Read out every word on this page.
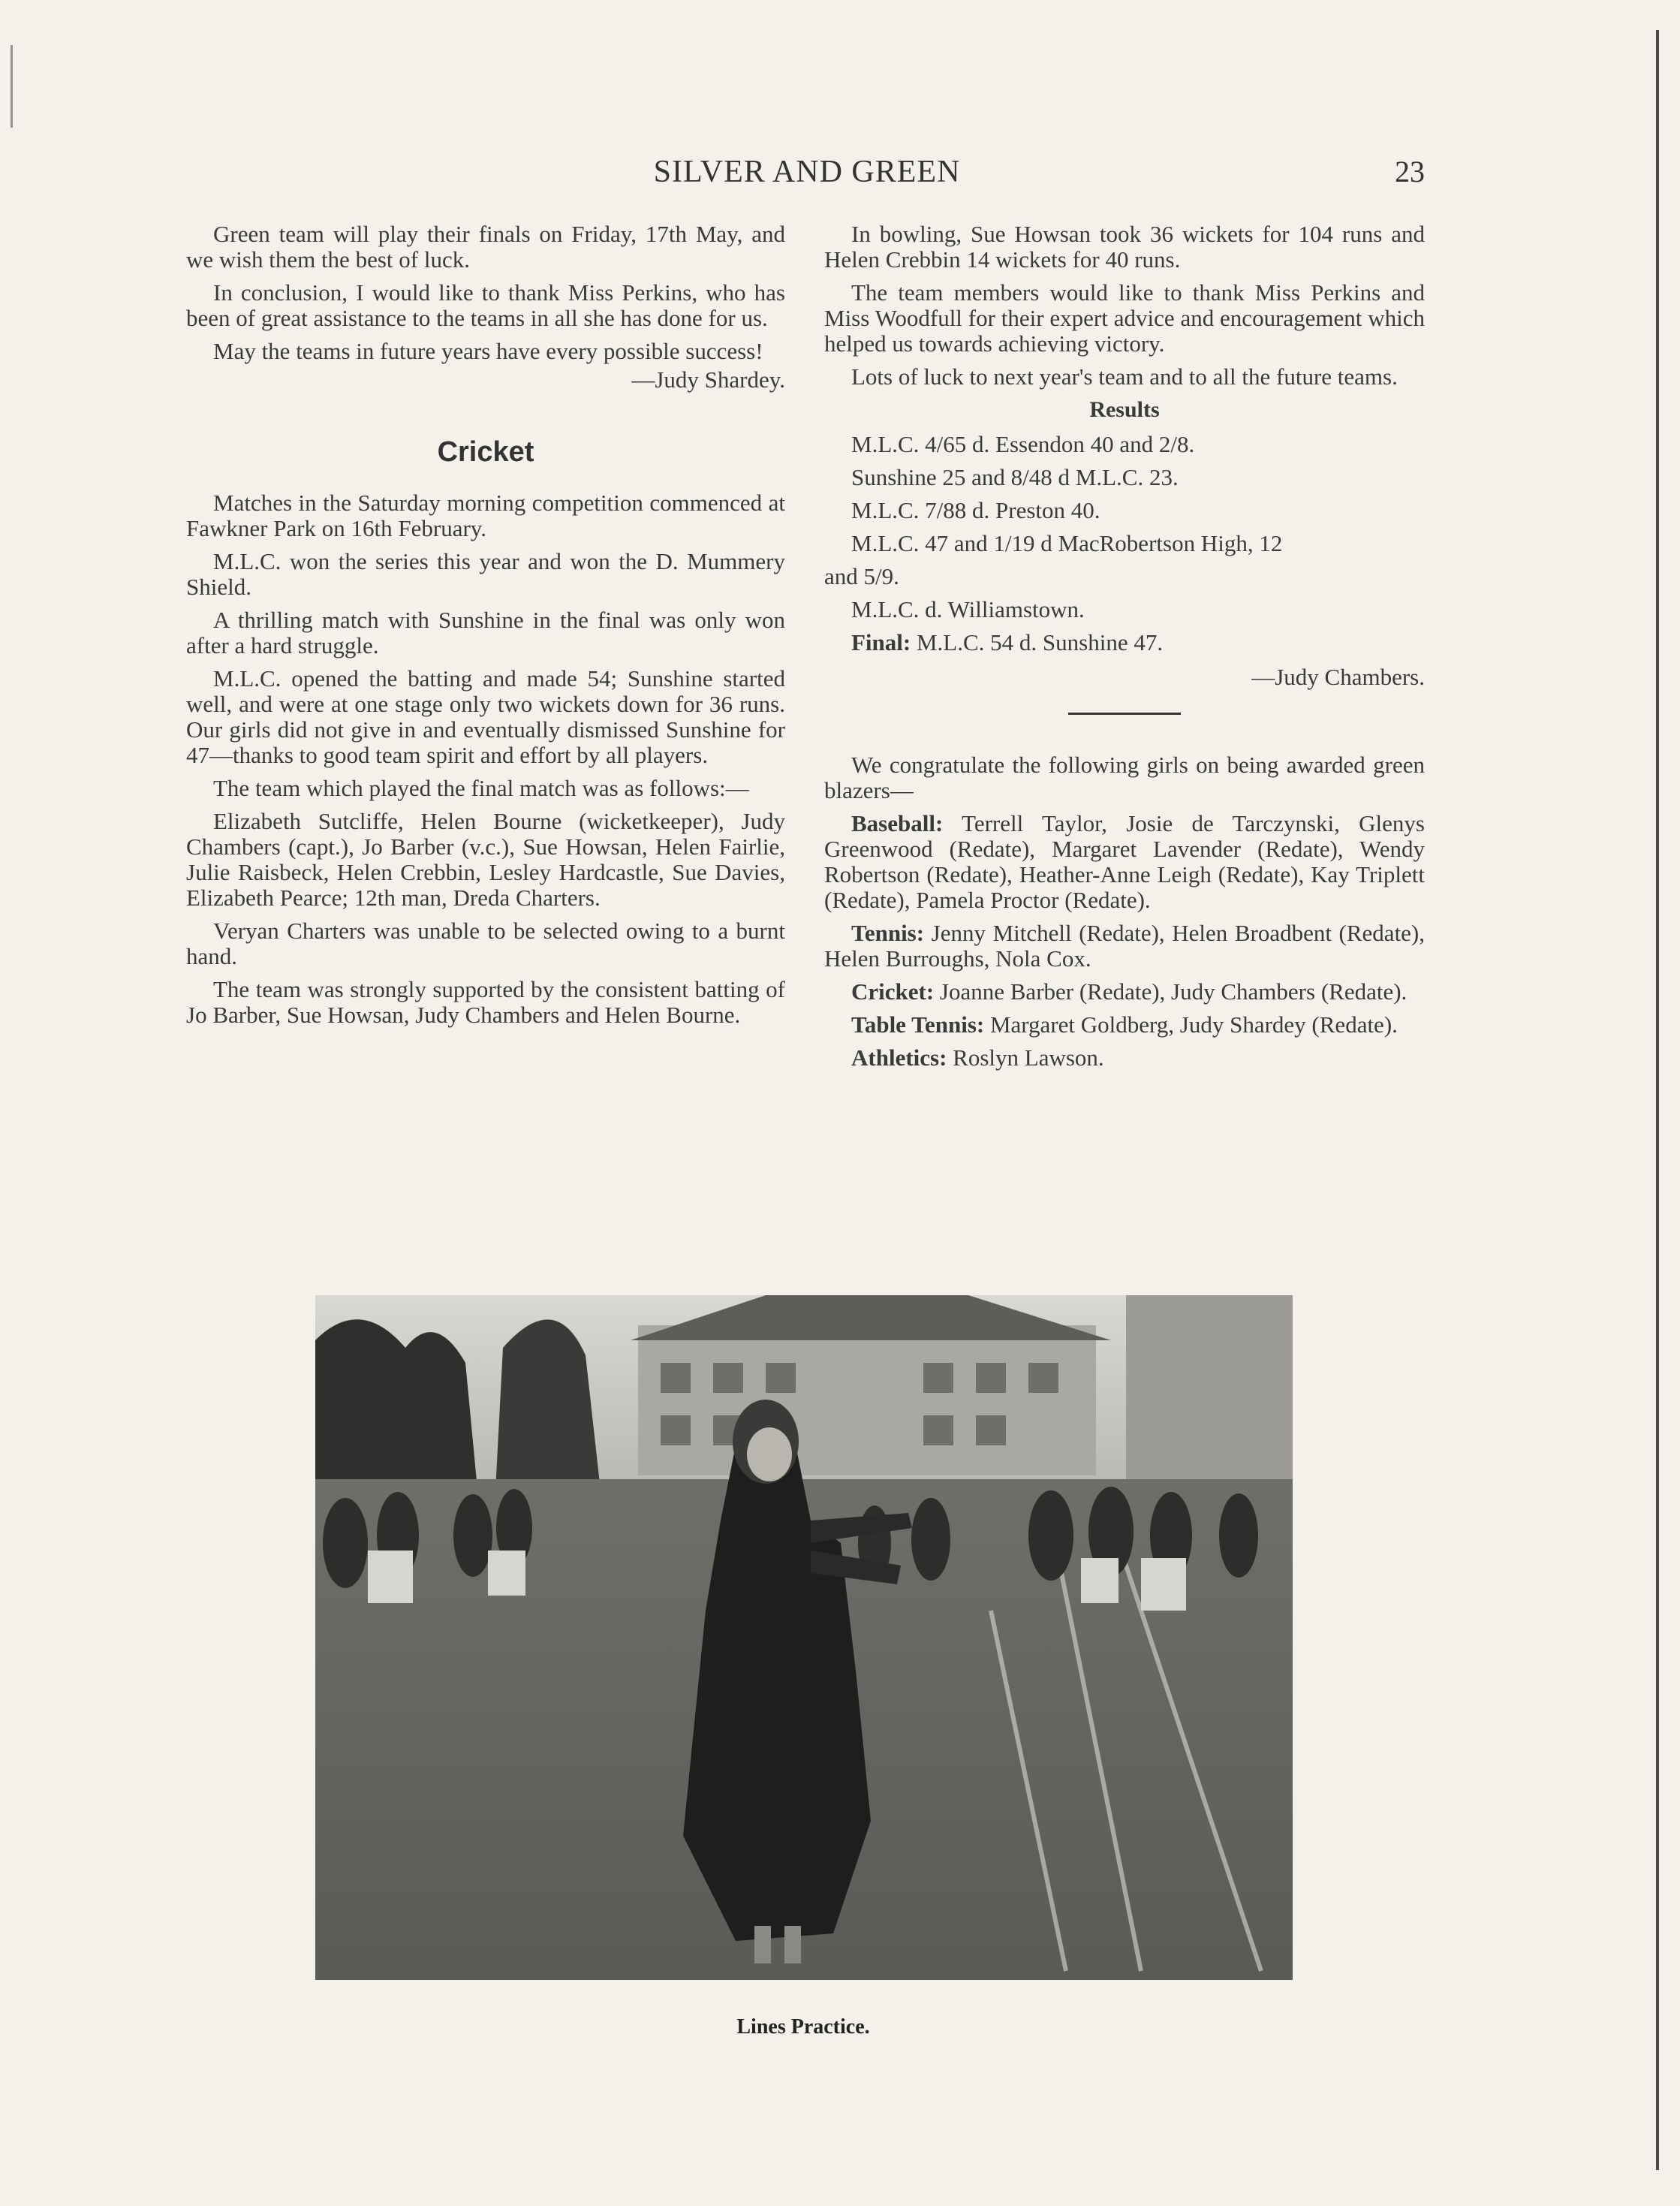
SILVER AND GREEN	23

Green team will play their finals on Friday, 17th May, and we wish them the best of luck.

In conclusion, I would like to thank Miss Perkins, who has been of great assistance to the teams in all she has done for us.

May the teams in future years have every possible success!

—Judy Shardey.
Cricket

Matches in the Saturday morning competition commenced at Fawkner Park on 16th February.

M.L.C. won the series this year and won the D. Mummery Shield.

A thrilling match with Sunshine in the final was only won after a hard struggle.

M.L.C. opened the batting and made 54; Sunshine started well, and were at one stage only two wickets down for 36 runs. Our girls did not give in and eventually dismissed Sunshine for 47—thanks to good team spirit and effort by all players.

The team which played the final match was as follows:—

Elizabeth Sutcliffe, Helen Bourne (wicketkeeper), Judy Chambers (capt.), Jo Barber (v.c.), Sue Howsan, Helen Fairlie, Julie Raisbeck, Helen Crebbin, Lesley Hardcastle, Sue Davies, Elizabeth Pearce; 12th man, Dreda Charters.

Veryan Charters was unable to be selected owing to a burnt hand.

The team was strongly supported by the consistent batting of Jo Barber, Sue Howsan, Judy Chambers and Helen Bourne.

In bowling, Sue Howsan took 36 wickets for 104 runs and Helen Crebbin 14 wickets for 40 runs.

The team members would like to thank Miss Perkins and Miss Woodfull for their expert advice and encouragement which helped us towards achieving victory.

Lots of luck to next year's team and to all the future teams.

Results

M.L.C. 4/65 d. Essendon 40 and 2/8.

Sunshine 25 and 8/48 d M.L.C. 23.

M.L.C. 7/88 d. Preston 40.

M.L.C. 47 and 1/19 d MacRobertson High, 12

and 5/9.

M.L.C. d. Williamstown.

Final: M.L.C. 54 d. Sunshine 47.

—Judy Chambers.

We congratulate the following girls on being awarded green blazers—

Baseball: Terrell Taylor, Josie de Tarczynski, Glenys Greenwood (Redate), Margaret Lavender (Redate), Wendy Robertson (Redate), Heather-Anne Leigh (Redate), Kay Triplett (Redate), Pamela Proctor (Redate).

Tennis: Jenny Mitchell (Redate), Helen Broadbent (Redate), Helen Burroughs, Nola Cox.

Cricket: Joanne Barber (Redate), Judy Chambers (Redate).

Table Tennis: Margaret Goldberg, Judy Shardey (Redate).

Athletics: Roslyn Lawson.

Lines Practice.
